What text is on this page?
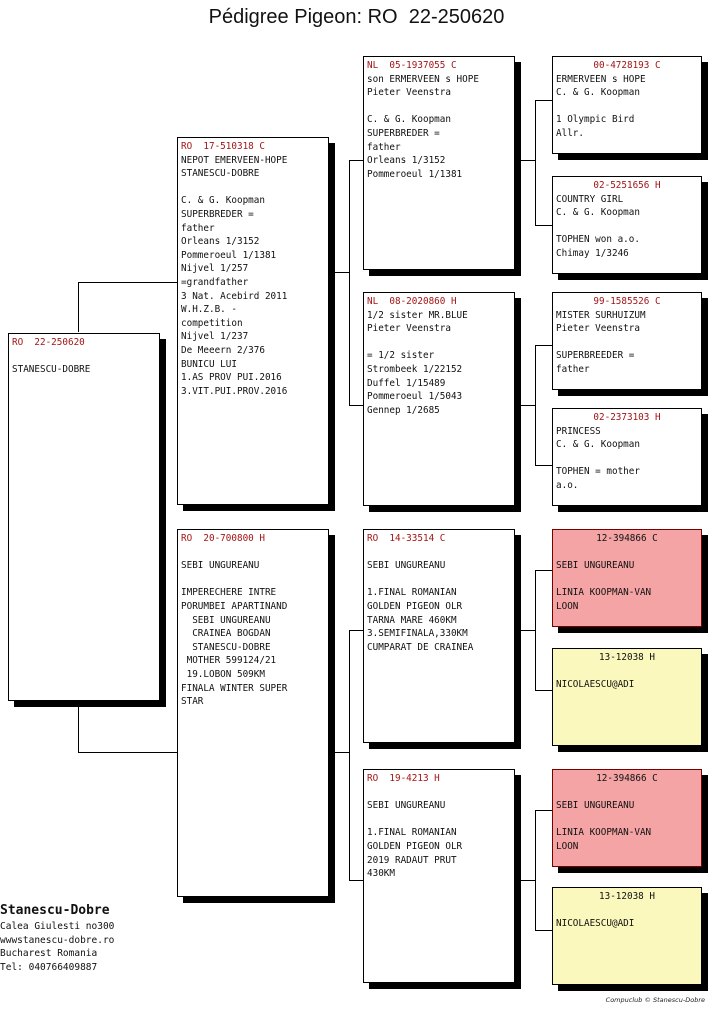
Pédigree Pigeon: RO  22-250620
RO  22-250620

STANESCU-DOBRE
RO  17-510318 C
NEPOT EMERVEEN-HOPE
STANESCU-DOBRE

C. & G. Koopman
SUPERBREDER =
father
Orleans 1/3152
Pommeroeul 1/1381
Nijvel 1/257
=grandfather
3 Nat. Acebird 2011
W.H.Z.B. -
competition
Nijvel 1/237
De Meeern 2/376
BUNICU LUI
1.AS PROV PUI.2016
3.VIT.PUI.PROV.2016
RO  20-700800 H

SEBI UNGUREANU

IMPERECHERE INTRE
PORUMBEI APARTINAND
SEBI UNGUREANU
CRAINEA BOGDAN
STANESCU-DOBRE
MOTHER 599124/21
19.LOBON 509KM
FINALA WINTER SUPER
STAR
NL  05-1937055 C
son ERMERVEEN s HOPE
Pieter Veenstra

C. & G. Koopman
SUPERBREDER =
father
Orleans 1/3152
Pommeroeul 1/1381
NL  08-2020860 H
1/2 sister MR.BLUE
Pieter Veenstra

= 1/2 sister
Strombeek 1/22152
Duffel 1/15489
Pommeroeul 1/5043
Gennep 1/2685
RO  14-33514 C

SEBI UNGUREANU

1.FINAL ROMANIAN
GOLDEN PIGEON OLR
TARNA MARE 460KM
3.SEMIFINALA,330KM
CUMPARAT DE CRAINEA
RO  19-4213 H

SEBI UNGUREANU

1.FINAL ROMANIAN
GOLDEN PIGEON OLR
2019 RADAUT PRUT
430KM
00-4728193 C
ERMERVEEN s HOPE
C. & G. Koopman

1 Olympic Bird
Allr.
02-5251656 H
COUNTRY GIRL
C. & G. Koopman

TOPHEN won a.o.
Chimay 1/3246
99-1585526 C
MISTER SURHUIZUM
Pieter Veenstra

SUPERBREEDER =
father
02-2373103 H
PRINCESS
C. & G. Koopman

TOPHEN = mother
a.o.
12-394866 C

SEBI UNGUREANU

LINIA KOOPMAN-VAN
LOON
13-12038 H

NICOLAESCU@ADI
12-394866 C

SEBI UNGUREANU

LINIA KOOPMAN-VAN
LOON
13-12038 H

NICOLAESCU@ADI
Stanescu-Dobre
Calea Giulesti no300
wwwstanescu-dobre.ro
Bucharest Romania
Tel: 040766409887
Compuclub © Stanescu-Dobre
